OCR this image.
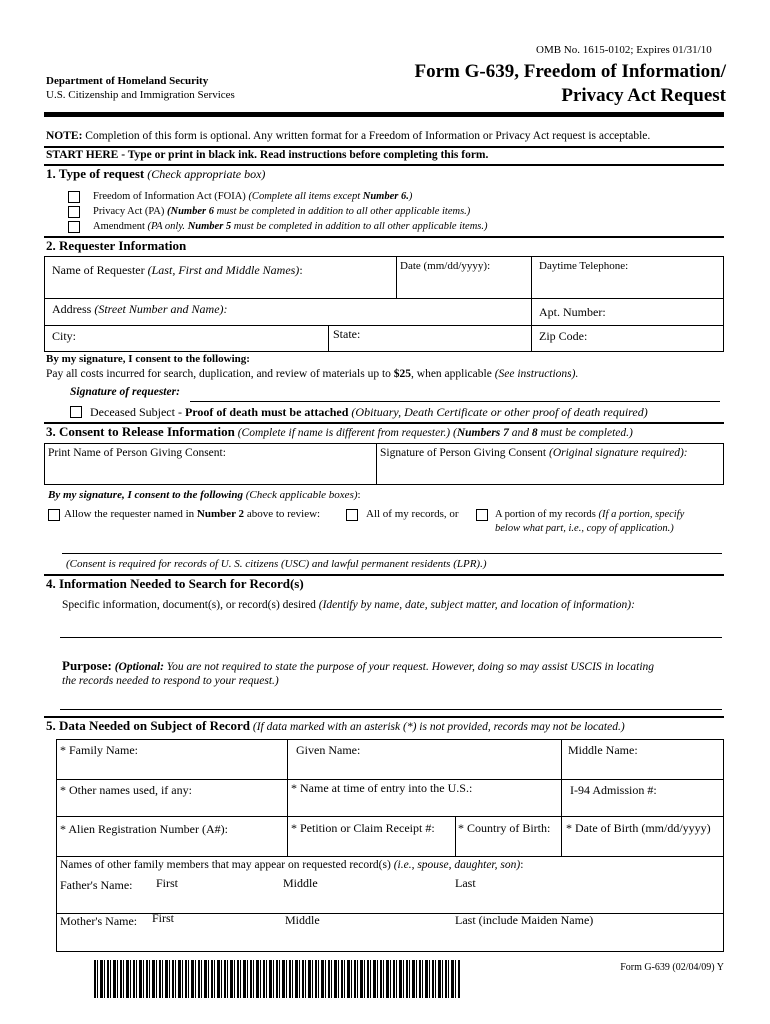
OMB No. 1615-0102; Expires 01/31/10
Department of Homeland Security
U.S. Citizenship and Immigration Services
Form G-639, Freedom of Information/
Privacy Act Request
NOTE: Completion of this form is optional. Any written format for a Freedom of Information or Privacy Act request is acceptable.
START HERE - Type or print in black ink. Read instructions before completing this form.
1. Type of request (Check appropriate box)
Freedom of Information Act (FOIA) (Complete all items except Number 6.)
Privacy Act (PA) (Number 6 must be completed in addition to all other applicable items.)
Amendment (PA only. Number 5 must be completed in addition to all other applicable items.)
2. Requester Information
Name of Requester (Last, First and Middle Names):	Date (mm/dd/yyyy):	Daytime Telephone:
Address (Street Number and Name):	Apt. Number:
City:	State:	Zip Code:
By my signature, I consent to the following:
Pay all costs incurred for search, duplication, and review of materials up to $25, when applicable (See instructions).
Signature of requester:
Deceased Subject - Proof of death must be attached (Obituary, Death Certificate or other proof of death required)
3. Consent to Release Information (Complete if name is different from requester.) (Numbers 7 and 8 must be completed.)
Print Name of Person Giving Consent:	Signature of Person Giving Consent (Original signature required):
By my signature, I consent to the following (Check applicable boxes):
Allow the requester named in Number 2 above to review:	All of my records, or	A portion of my records (If a portion, specify
below what part, i.e., copy of application.)
(Consent is required for records of U. S. citizens (USC) and lawful permanent residents (LPR).)
4. Information Needed to Search for Record(s)
Specific information, document(s), or record(s) desired (Identify by name, date, subject matter, and location of information):
Purpose: (Optional: You are not required to state the purpose of your request. However, doing so may assist USCIS in locating
the records needed to respond to your request.)
5. Data Needed on Subject of Record (If data marked with an asterisk (*) is not provided, records may not be located.)
* Family Name:	Given Name:	Middle Name:
* Other names used, if any:	* Name at time of entry into the U.S.:	I-94 Admission #:
* Alien Registration Number (A#):	* Petition or Claim Receipt #: * Country of Birth: * Date of Birth (mm/dd/yyyy)
Names of other family members that may appear on requested record(s) (i.e., spouse, daughter, son):
Father's Name: First	Middle	Last
Mother's Name: First	Middle	Last (include Maiden Name)
Form G-639 (02/04/09) Y
